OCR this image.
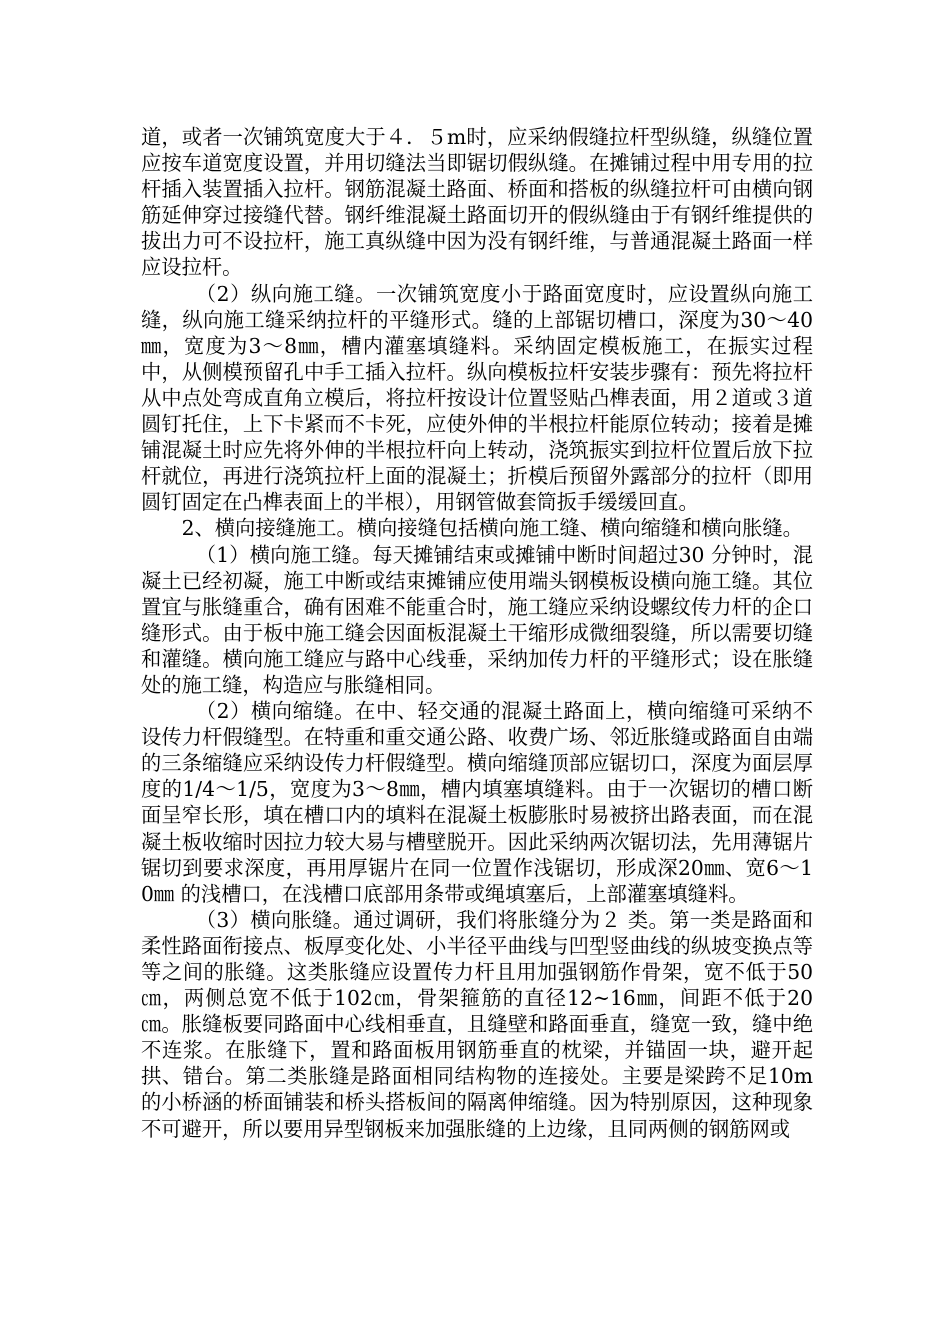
道，或者一次铺筑宽度大于４．５m时，应采纳假缝拉杆型纵缝，纵缝位置应按车道宽度设置，并用切缝法当即锯切假纵缝。在摊铺过程中用专用的拉杆插入装置插入拉杆。钢筋混凝土路面、桥面和搭板的纵缝拉杆可由横向钢筋延伸穿过接缝代替。钢纤维混凝土路面切开的假纵缝由于有钢纤维提供的拔出力可不设拉杆，施工真纵缝中因为没有钢纤维，与普通混凝土路面一样应设拉杆。

（2）纵向施工缝。一次铺筑宽度小于路面宽度时，应设置纵向施工缝，纵向施工缝采纳拉杆的平缝形式。缝的上部锯切槽口，深度为30～40㎜，宽度为3～8㎜，槽内灌塞填缝料。采纳固定模板施工，在振实过程中，从侧模预留孔中手工插入拉杆。纵向模板拉杆安装步骤有：预先将拉杆从中点处弯成直角立模后，将拉杆按设计位置竖贴凸榫表面，用２道或３道圆钉托住，上下卡紧而不卡死，应使外伸的半根拉杆能原位转动；接着是摊铺混凝土时应先将外伸的半根拉杆向上转动，浇筑振实到拉杆位置后放下拉杆就位，再进行浇筑拉杆上面的混凝土；折模后预留外露部分的拉杆（即用圆钉固定在凸榫表面上的半根），用钢管做套筒扳手缓缓回直。

2、横向接缝施工。横向接缝包括横向施工缝、横向缩缝和横向胀缝。

（1）横向施工缝。每天摊铺结束或摊铺中断时间超过30 分钟时，混凝土已经初凝，施工中断或结束摊铺应使用端头钢模板设横向施工缝。其位置宜与胀缝重合，确有困难不能重合时，施工缝应采纳设螺纹传力杆的企口缝形式。由于板中施工缝会因面板混凝土干缩形成微细裂缝，所以需要切缝和灌缝。横向施工缝应与路中心线垂，采纳加传力杆的平缝形式；设在胀缝处的施工缝，构造应与胀缝相同。

（2）横向缩缝。在中、轻交通的混凝土路面上，横向缩缝可采纳不设传力杆假缝型。在特重和重交通公路、收费广场、邻近胀缝或路面自由端的三条缩缝应采纳设传力杆假缝型。横向缩缝顶部应锯切口，深度为面层厚度的1/4～1/5，宽度为3～8㎜，槽内填塞填缝料。由于一次锯切的槽口断面呈窄长形，填在槽口内的填料在混凝土板膨胀时易被挤出路表面，而在混凝土板收缩时因拉力较大易与槽壁脱开。因此采纳两次锯切法，先用薄锯片锯切到要求深度，再用厚锯片在同一位置作浅锯切，形成深20㎜、宽6～10㎜ 的浅槽口，在浅槽口底部用条带或绳填塞后，上部灌塞填缝料。

（3）横向胀缝。通过调研，我们将胀缝分为２ 类。第一类是路面和柔性路面衔接点、板厚变化处、小半径平曲线与凹型竖曲线的纵坡变换点等等之间的胀缝。这类胀缝应设置传力杆且用加强钢筋作骨架，宽不低于50㎝，两侧总宽不低于102㎝，骨架箍筋的直径12~16㎜，间距不低于20㎝。胀缝板要同路面中心线相垂直，且缝壁和路面垂直，缝宽一致，缝中绝不连浆。在胀缝下，置和路面板用钢筋垂直的枕梁，并锚固一块，避开起拱、错台。第二类胀缝是路面相同结构物的连接处。主要是梁跨不足10m的小桥涵的桥面铺装和桥头搭板间的隔离伸缩缝。因为特别原因，这种现象不可避开，所以要用异型钢板来加强胀缝的上边缘，且同两侧的钢筋网或
